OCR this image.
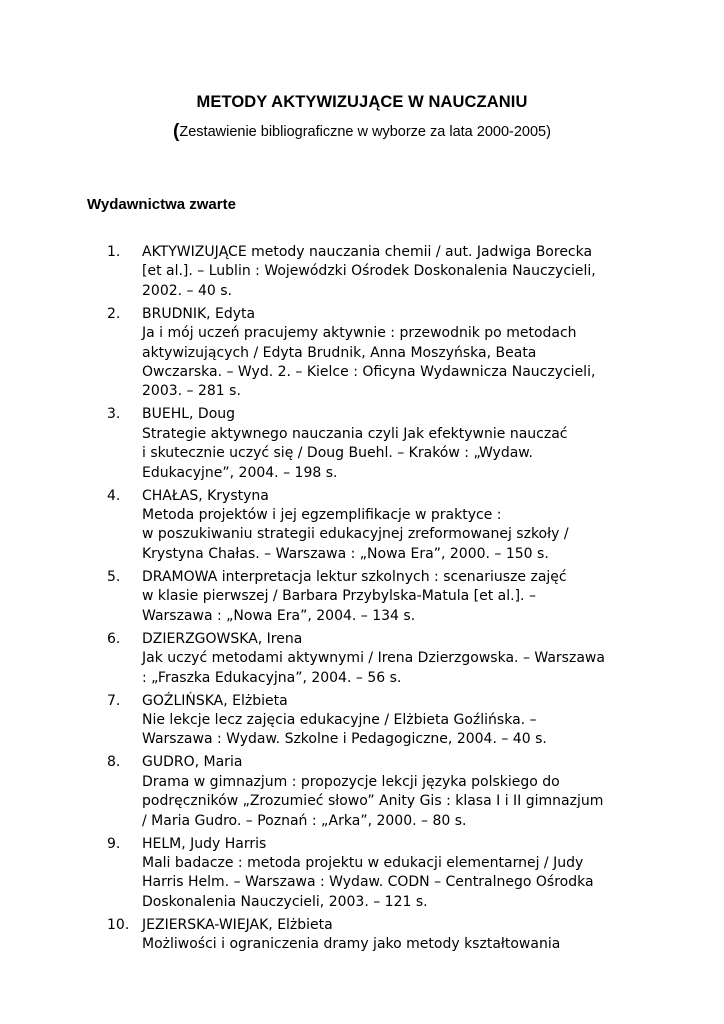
METODY AKTYWIZUJĄCE W NAUCZANIU
(Zestawienie bibliograficzne w wyborze za lata 2000-2005)
Wydawnictwa zwarte
1. AKTYWIZUJĄCE metody nauczania chemii / aut. Jadwiga Borecka
[et al.]. – Lublin : Wojewódzki Ośrodek Doskonalenia Nauczycieli,
2002. – 40 s.
2. BRUDNIK, Edyta
Ja i mój uczeń pracujemy aktywnie : przewodnik po metodach
aktywizujących / Edyta Brudnik, Anna Moszyńska, Beata
Owczarska. – Wyd. 2. – Kielce : Oficyna Wydawnicza Nauczycieli,
2003. – 281 s.
3. BUEHL, Doug
Strategie aktywnego nauczania czyli Jak efektywnie nauczać
i skutecznie uczyć się / Doug Buehl. – Kraków : „Wydaw.
Edukacyjne”, 2004. – 198 s.
4. CHAŁAS, Krystyna
Metoda projektów i jej egzemplifikacje w praktyce :
w poszukiwaniu strategii edukacyjnej zreformowanej szkoły /
Krystyna Chałas. – Warszawa : „Nowa Era”, 2000. – 150 s.
5. DRAMOWA interpretacja lektur szkolnych : scenariusze zajęć
w klasie pierwszej / Barbara Przybylska-Matula [et al.]. –
Warszawa : „Nowa Era”, 2004. – 134 s.
6. DZIERZGOWSKA, Irena
Jak uczyć metodami aktywnymi / Irena Dzierzgowska. – Warszawa
: „Fraszka Edukacyjna”, 2004. – 56 s.
7. GOŹLIŃSKA, Elżbieta
Nie lekcje lecz zajęcia edukacyjne / Elżbieta Goźlińska. –
Warszawa : Wydaw. Szkolne i Pedagogiczne, 2004. – 40 s.
8. GUDRO, Maria
Drama w gimnazjum : propozycje lekcji języka polskiego do
podręczników „Zrozumieć słowo” Anity Gis : klasa I i II gimnazjum
/ Maria Gudro. – Poznań : „Arka”, 2000. – 80 s.
9. HELM, Judy Harris
Mali badacze : metoda projektu w edukacji elementarnej / Judy
Harris Helm. – Warszawa : Wydaw. CODN – Centralnego Ośrodka
Doskonalenia Nauczycieli, 2003. – 121 s.
10. JEZIERSKA-WIEJAK, Elżbieta
Możliwości i ograniczenia dramy jako metody kształtowania
